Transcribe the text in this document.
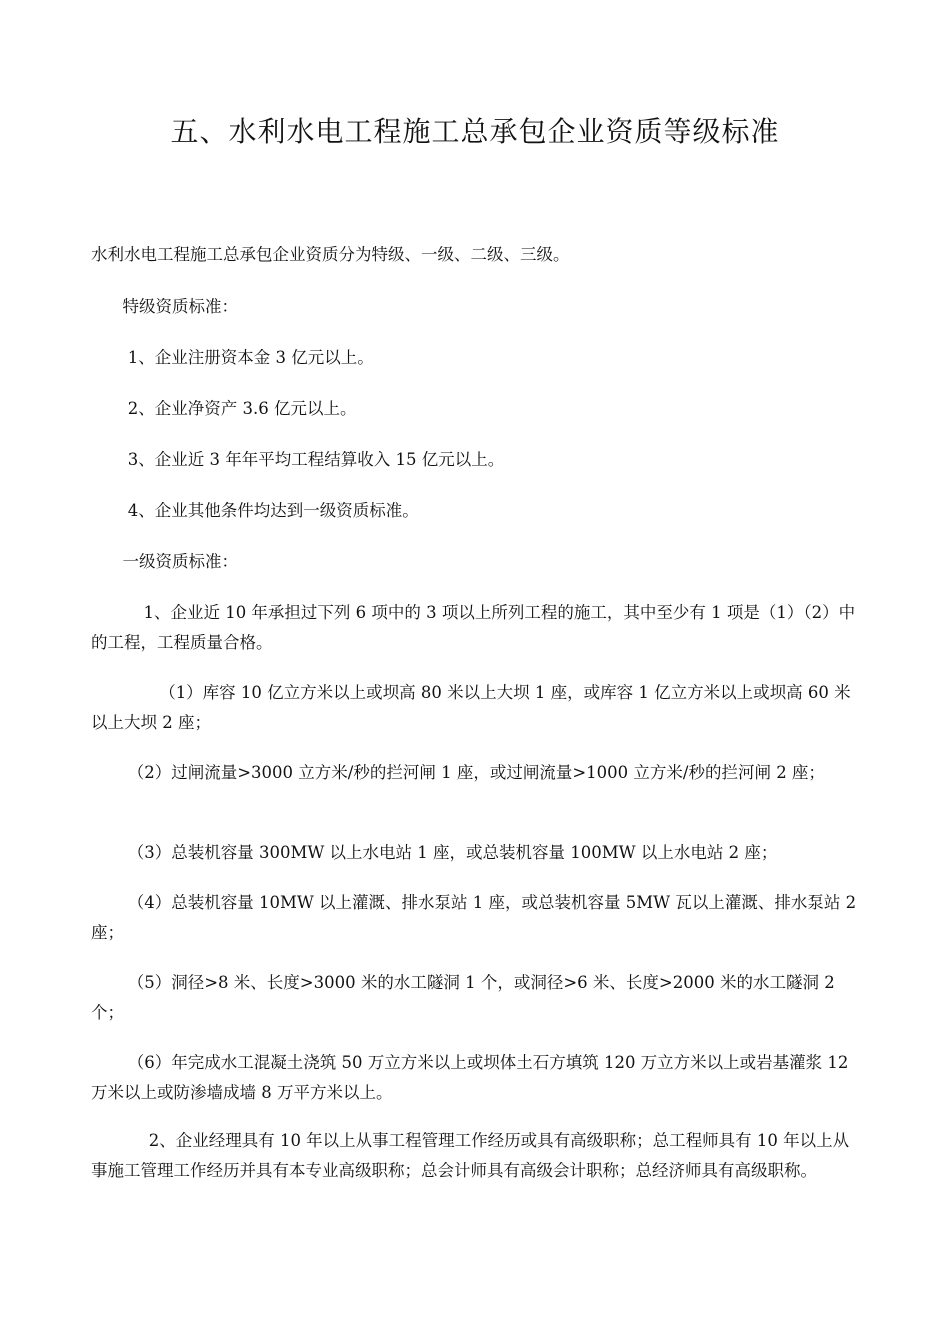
五、水利水电工程施工总承包企业资质等级标准

水利水电工程施工总承包企业资质分为特级、一级、二级、三级。

特级资质标准：

1、企业注册资本金 3 亿元以上。

2、企业净资产 3.6 亿元以上。

3、企业近 3 年年平均工程结算收入 15 亿元以上。

4、企业其他条件均达到一级资质标准。

一级资质标准：

1、企业近 10 年承担过下列 6 项中的 3 项以上所列工程的施工，其中至少有 1 项是（1）（2）中的工程，工程质量合格。

（1）库容 10 亿立方米以上或坝高 80 米以上大坝 1 座，或库容 1 亿立方米以上或坝高 60 米以上大坝 2 座；

（2）过闸流量>3000 立方米/秒的拦河闸 1 座，或过闸流量>1000 立方米/秒的拦河闸 2 座；

（3）总装机容量 300MW 以上水电站 1 座，或总装机容量 100MW 以上水电站 2 座；

（4）总装机容量 10MW 以上灌溉、排水泵站 1 座，或总装机容量 5MW 瓦以上灌溉、排水泵站 2 座；

（5）洞径>8 米、长度>3000 米的水工隧洞 1 个，或洞径>6 米、长度>2000 米的水工隧洞 2 个；

（6）年完成水工混凝土浇筑 50 万立方米以上或坝体土石方填筑 120 万立方米以上或岩基灌浆 12 万米以上或防渗墙成墙 8 万平方米以上。

2、企业经理具有 10 年以上从事工程管理工作经历或具有高级职称；总工程师具有 10 年以上从事施工管理工作经历并具有本专业高级职称；总会计师具有高级会计职称；总经济师具有高级职称。
